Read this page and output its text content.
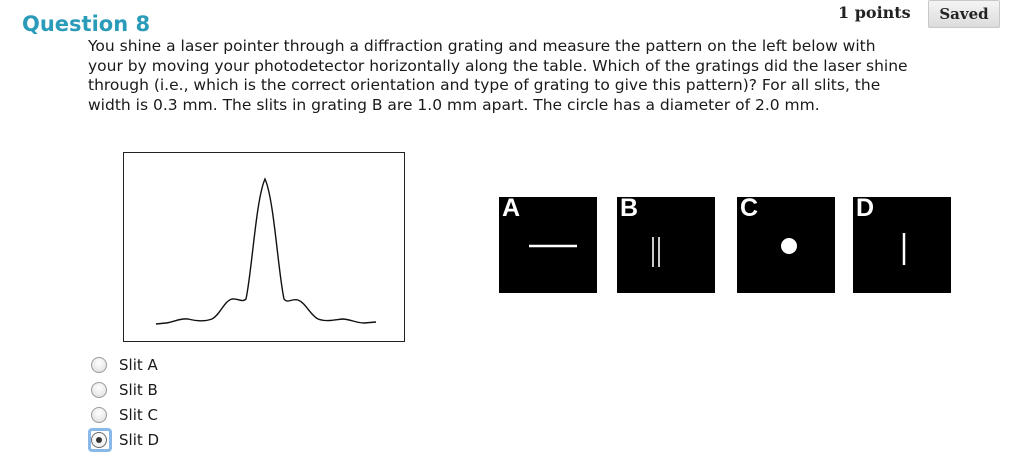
Question 8	1 points	Saved

You shine a laser pointer through a diffraction grating and measure the pattern on the left below with
your by moving your photodetector horizontally along the table. Which of the gratings did the laser shine
through (i.e., which is the correct orientation and type of grating to give this pattern)? For all slits, the
width is 0.3 mm. The slits in grating B are 1.0 mm apart. The circle has a diameter of 2.0 mm.

A	B	C	D
Slit A
Slit B
Slit C
Slit D
